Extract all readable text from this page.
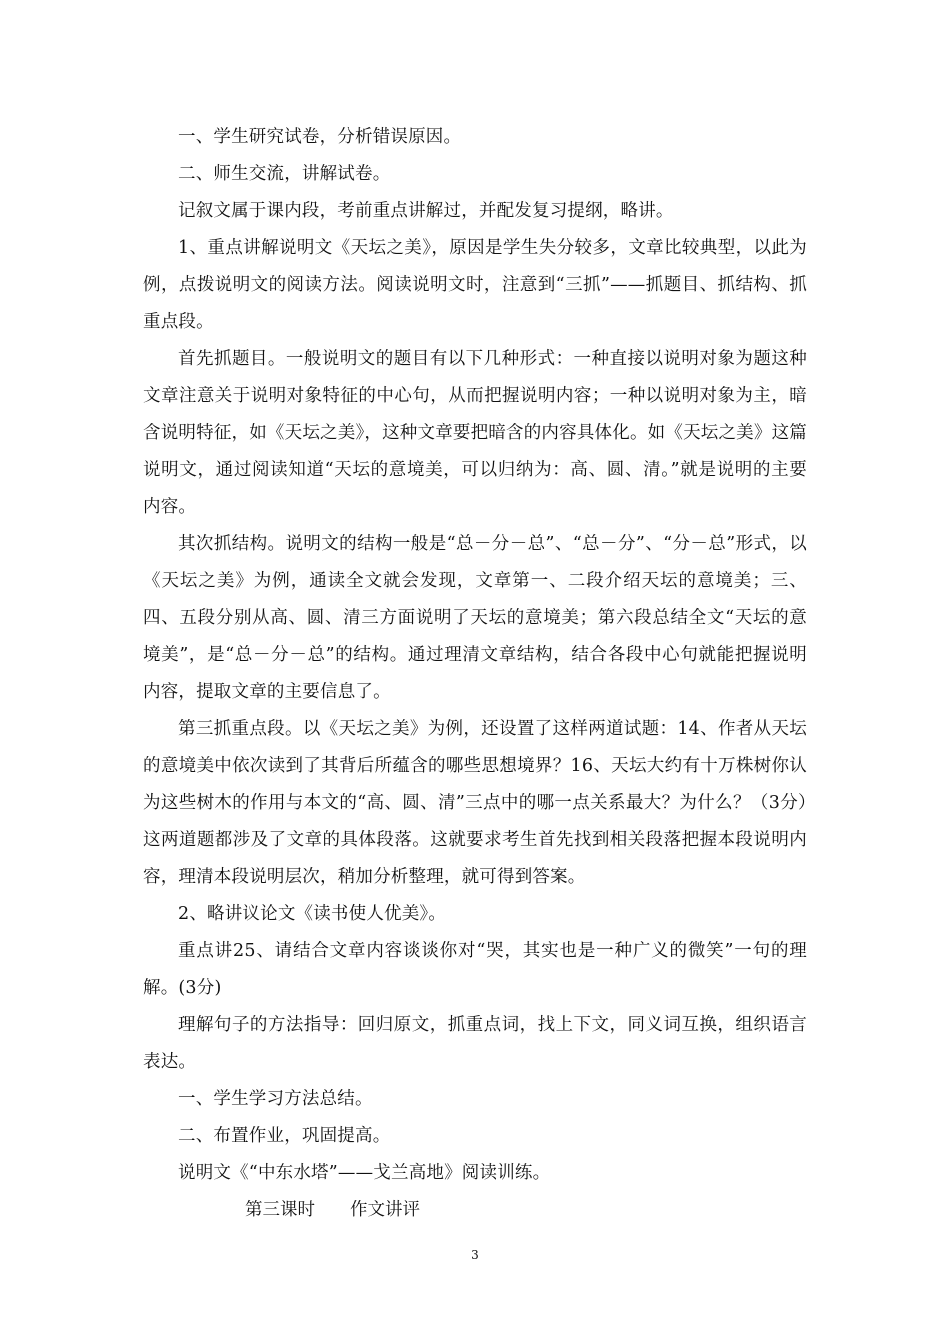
一、学生研究试卷，分析错误原因。

二、师生交流，讲解试卷。

记叙文属于课内段，考前重点讲解过，并配发复习提纲，略讲。

1、重点讲解说明文《天坛之美》，原因是学生失分较多，文章比较典型，以此为例，点拨说明文的阅读方法。阅读说明文时，注意到“三抓”——抓题目、抓结构、抓重点段。

首先抓题目。一般说明文的题目有以下几种形式：一种直接以说明对象为题这种文章注意关于说明对象特征的中心句，从而把握说明内容；一种以说明对象为主，暗含说明特征，如《天坛之美》，这种文章要把暗含的内容具体化。如《天坛之美》这篇说明文，通过阅读知道“天坛的意境美，可以归纳为：高、圆、清。”就是说明的主要内容。

其次抓结构。说明文的结构一般是“总－分－总”、“总－分”、“分－总”形式，以《天坛之美》为例，通读全文就会发现，文章第一、二段介绍天坛的意境美；三、四、五段分别从高、圆、清三方面说明了天坛的意境美；第六段总结全文“天坛的意境美”，是“总－分－总”的结构。通过理清文章结构，结合各段中心句就能把握说明内容，提取文章的主要信息了。

第三抓重点段。以《天坛之美》为例，还设置了这样两道试题：14、作者从天坛的意境美中依次读到了其背后所蕴含的哪些思想境界？16、天坛大约有十万株树你认为这些树木的作用与本文的“高、圆、清”三点中的哪一点关系最大？为什么？（3分）这两道题都涉及了文章的具体段落。这就要求考生首先找到相关段落把握本段说明内容，理清本段说明层次，稍加分析整理，就可得到答案。

2、略讲议论文《读书使人优美》。

重点讲25、请结合文章内容谈谈你对“哭，其实也是一种广义的微笑”一句的理解。(3分)

理解句子的方法指导：回归原文，抓重点词，找上下文，同义词互换，组织语言表达。

一、学生学习方法总结。

二、布置作业，巩固提高。

说明文《“中东水塔”——戈兰高地》阅读训练。

第三课时　　作文讲评

3
